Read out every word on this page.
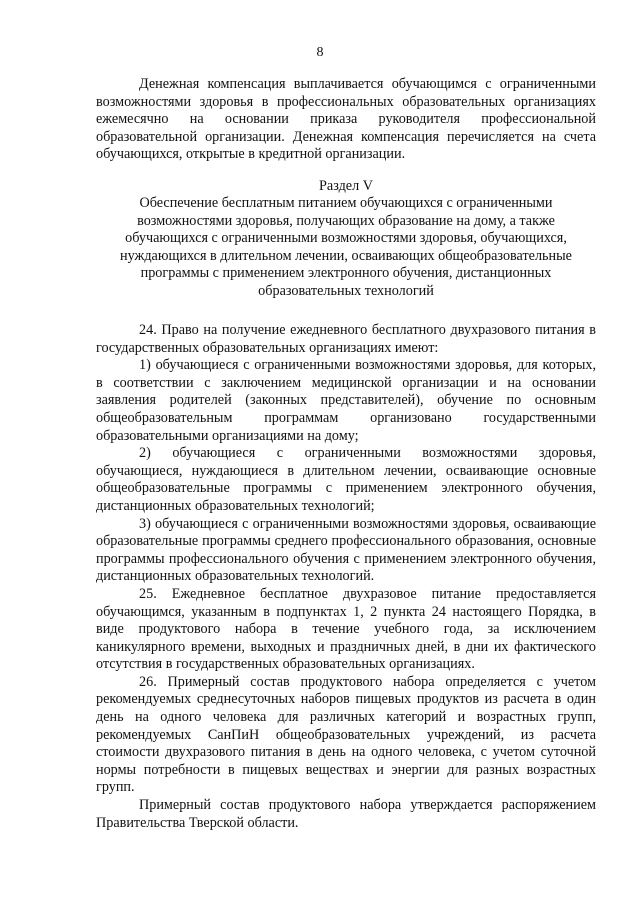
8
Денежная компенсация выплачивается обучающимся с ограниченными возможностями здоровья в профессиональных образовательных организациях ежемесячно на основании приказа руководителя профессиональной образовательной организации. Денежная компенсация перечисляется на счета обучающихся, открытые в кредитной организации.
Раздел V
Обеспечение бесплатным питанием обучающихся с ограниченными возможностями здоровья, получающих образование на дому, а также обучающихся с ограниченными возможностями здоровья, обучающихся, нуждающихся в длительном лечении, осваивающих общеобразовательные программы с применением электронного обучения, дистанционных образовательных технологий

24. Право на получение ежедневного бесплатного двухразового питания в государственных образовательных организациях имеют:

1) обучающиеся с ограниченными возможностями здоровья, для которых, в соответствии с заключением медицинской организации и на основании заявления родителей (законных представителей), обучение по основным общеобразовательным программам организовано государственными образовательными организациями на дому;

2) обучающиеся с ограниченными возможностями здоровья, обучающиеся, нуждающиеся в длительном лечении, осваивающие основные общеобразовательные программы с применением электронного обучения, дистанционных образовательных технологий;

3) обучающиеся с ограниченными возможностями здоровья, осваивающие образовательные программы среднего профессионального образования, основные программы профессионального обучения с применением электронного обучения, дистанционных образовательных технологий.

25. Ежедневное бесплатное двухразовое питание предоставляется обучающимся, указанным в подпунктах 1, 2 пункта 24 настоящего Порядка, в виде продуктового набора в течение учебного года, за исключением каникулярного времени, выходных и праздничных дней, в дни их фактического отсутствия в государственных образовательных организациях.

26. Примерный состав продуктового набора определяется с учетом рекомендуемых среднесуточных наборов пищевых продуктов из расчета в один день на одного человека для различных категорий и возрастных групп, рекомендуемых СанПиН общеобразовательных учреждений, из расчета стоимости двухразового питания в день на одного человека, с учетом суточной нормы потребности в пищевых веществах и энергии для разных возрастных групп.

Примерный состав продуктового набора утверждается распоряжением Правительства Тверской области.
